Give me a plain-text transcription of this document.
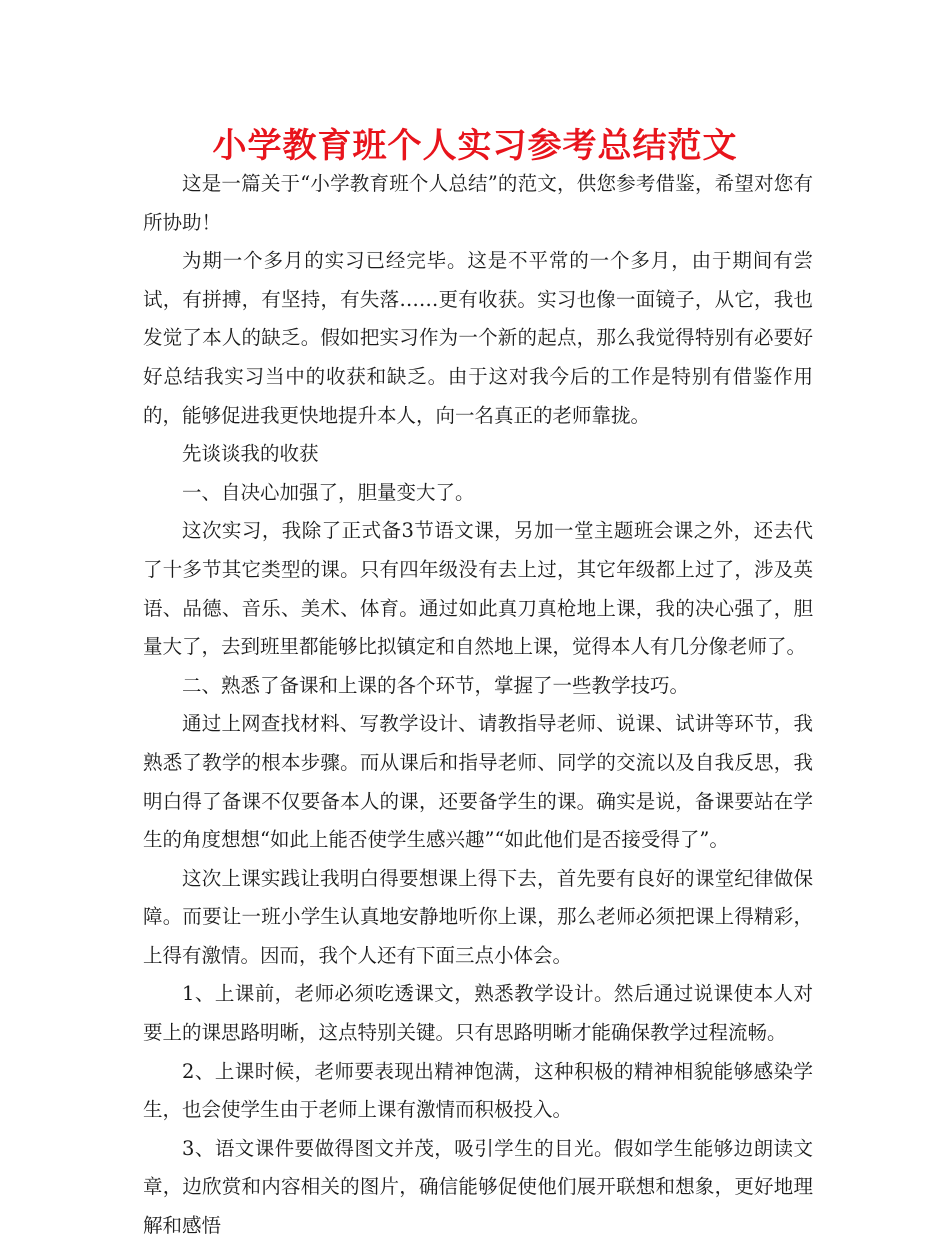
小学教育班个人实习参考总结范文

这是一篇关于“小学教育班个人总结”的范文，供您参考借鉴，希望对您有所协助！

为期一个多月的实习已经完毕。这是不平常的一个多月，由于期间有尝试，有拼搏，有坚持，有失落……更有收获。实习也像一面镜子，从它，我也发觉了本人的缺乏。假如把实习作为一个新的起点，那么我觉得特别有必要好好总结我实习当中的收获和缺乏。由于这对我今后的工作是特别有借鉴作用的，能够促进我更快地提升本人，向一名真正的老师靠拢。

先谈谈我的收获

一、自决心加强了，胆量变大了。

这次实习，我除了正式备3节语文课，另加一堂主题班会课之外，还去代了十多节其它类型的课。只有四年级没有去上过，其它年级都上过了，涉及英语、品德、音乐、美术、体育。通过如此真刀真枪地上课，我的决心强了，胆量大了，去到班里都能够比拟镇定和自然地上课，觉得本人有几分像老师了。

二、熟悉了备课和上课的各个环节，掌握了一些教学技巧。

通过上网查找材料、写教学设计、请教指导老师、说课、试讲等环节，我熟悉了教学的根本步骤。而从课后和指导老师、同学的交流以及自我反思，我明白得了备课不仅要备本人的课，还要备学生的课。确实是说，备课要站在学生的角度想想“如此上能否使学生感兴趣”“如此他们是否接受得了”。

这次上课实践让我明白得要想课上得下去，首先要有良好的课堂纪律做保障。而要让一班小学生认真地安静地听你上课，那么老师必须把课上得精彩，上得有激情。因而，我个人还有下面三点小体会。

1、上课前，老师必须吃透课文，熟悉教学设计。然后通过说课使本人对要上的课思路明晰，这点特别关键。只有思路明晰才能确保教学过程流畅。

2、上课时候，老师要表现出精神饱满，这种积极的精神相貌能够感染学生，也会使学生由于老师上课有激情而积极投入。

3、语文课件要做得图文并茂，吸引学生的目光。假如学生能够边朗读文章，边欣赏和内容相关的图片，确信能够促使他们展开联想和想象，更好地理解和感悟
